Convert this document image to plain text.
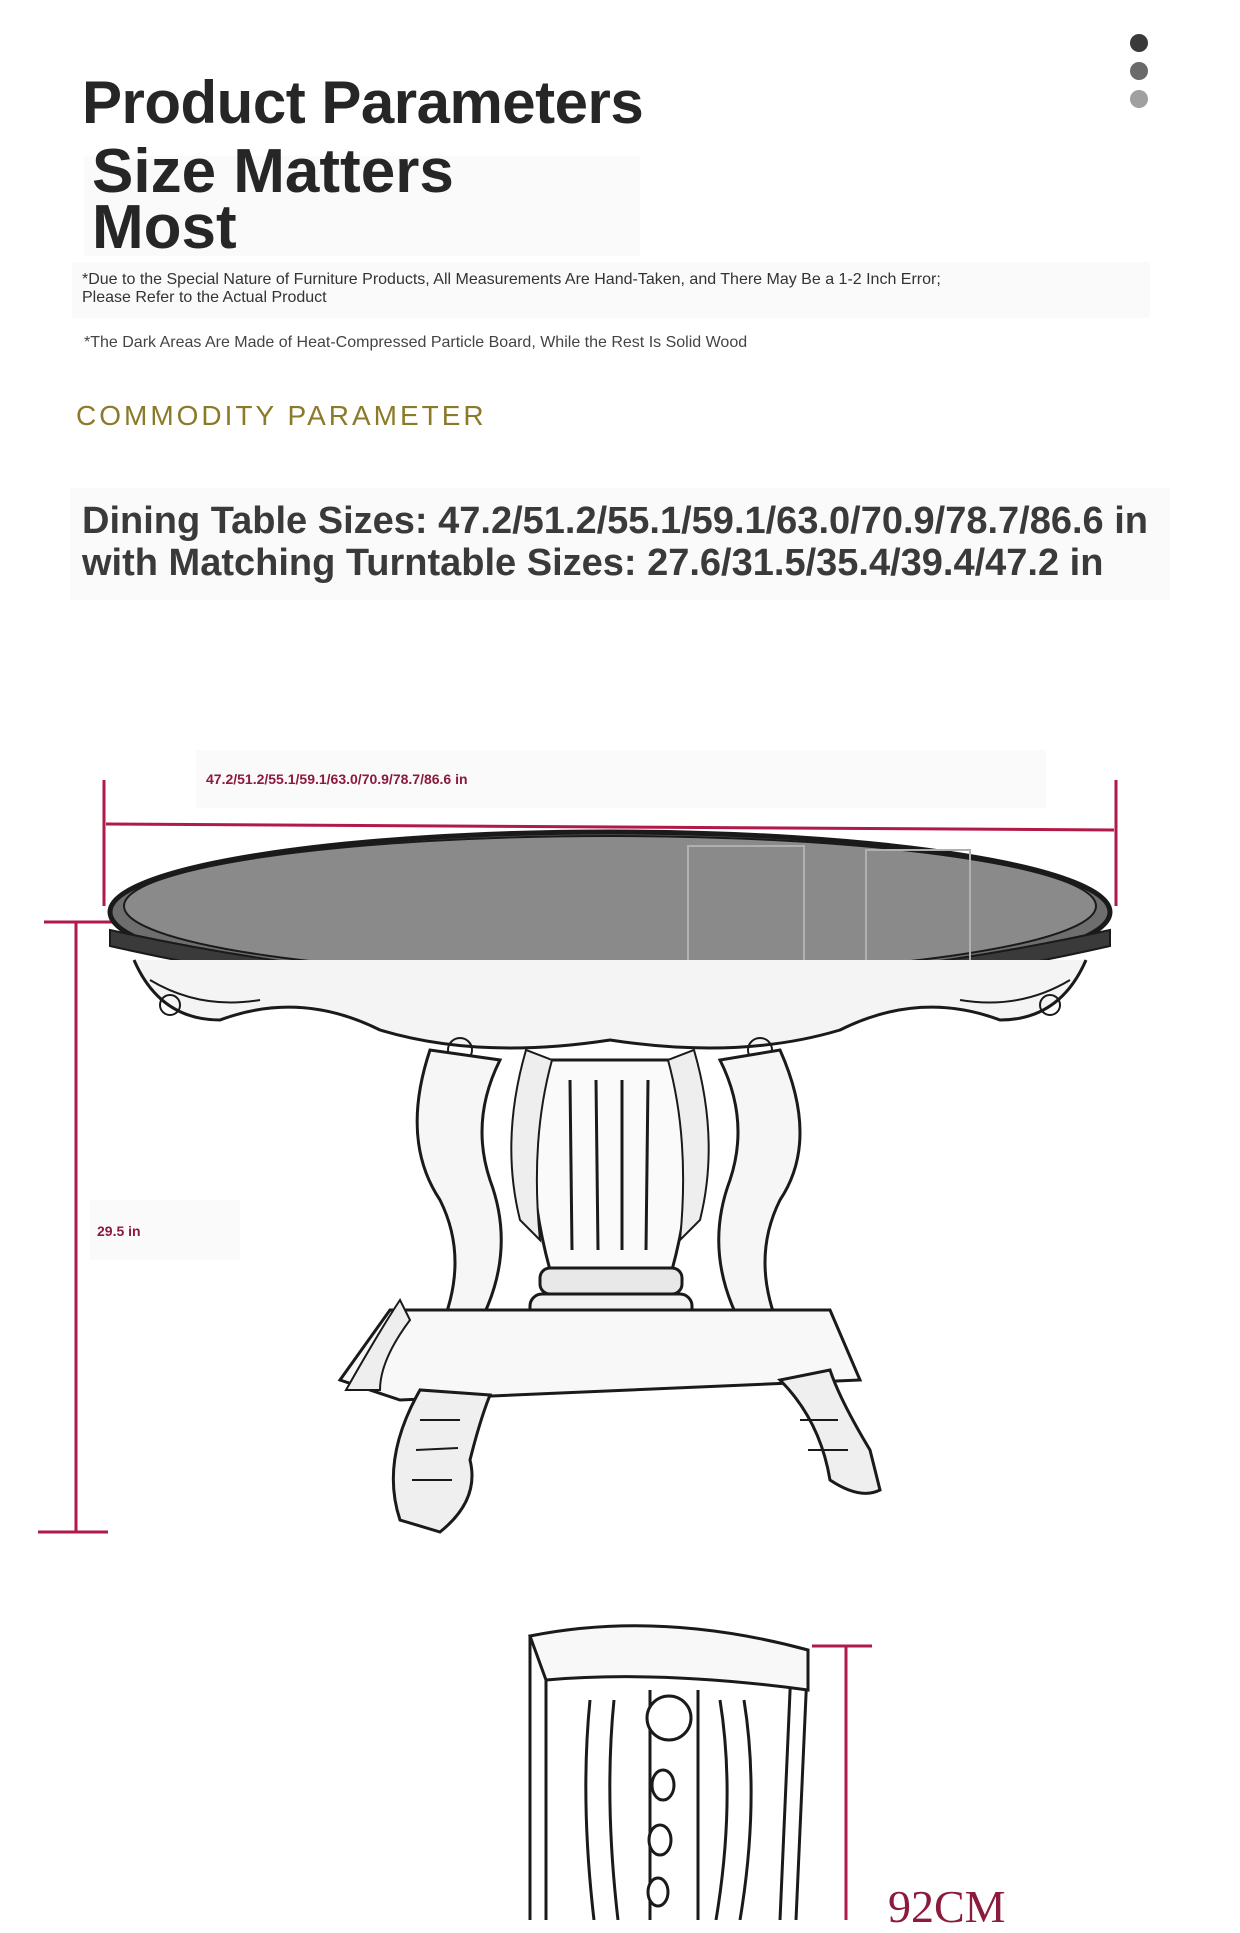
Product Parameters
Size Matters Most

*Due to the Special Nature of Furniture Products, All Measurements Are Hand-Taken, and There May Be a 1-2 Inch Error; Please Refer to the Actual Product

*The Dark Areas Are Made of Heat-Compressed Particle Board, While the Rest Is Solid Wood

COMMODITY PARAMETER

Dining Table Sizes: 47.2/51.2/55.1/59.1/63.0/70.9/78.7/86.6 in with Matching Turntable Sizes: 27.6/31.5/35.4/39.4/47.2 in

47.2/51.2/55.1/59.1/63.0/70.9/78.7/86.6 in

29.5 in

92CM
